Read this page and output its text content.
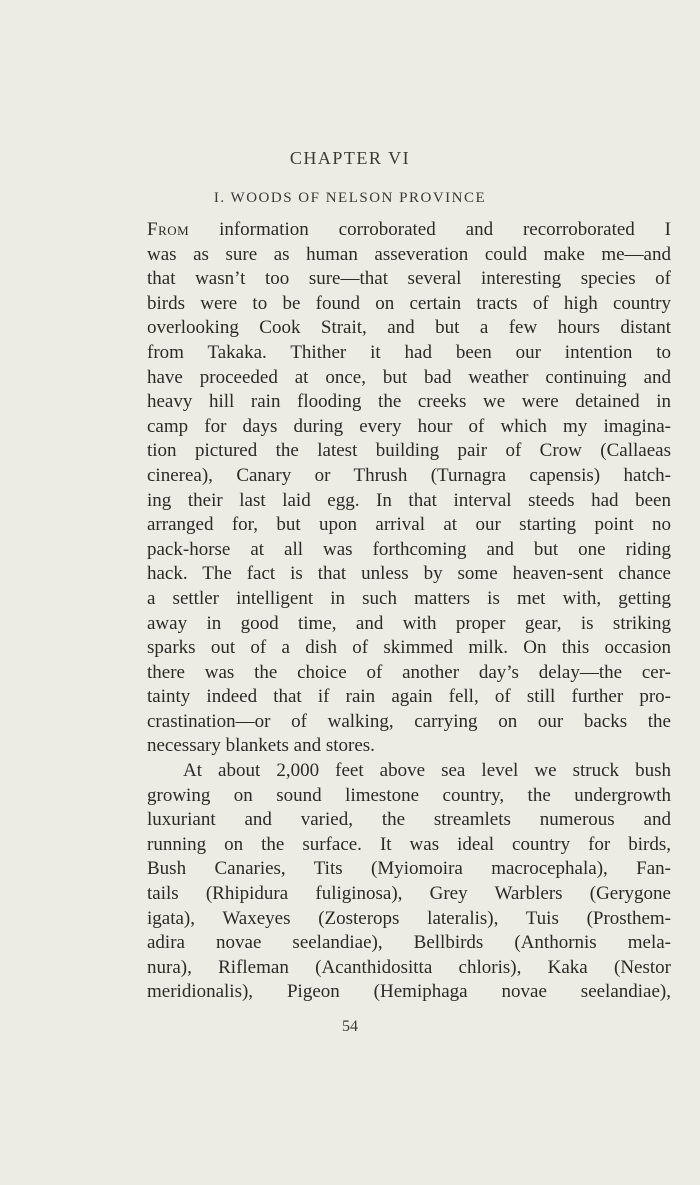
CHAPTER VI
I. WOODS OF NELSON PROVINCE
From information corroborated and recorroborated I
was as sure as human asseveration could make me—and
that wasn’t too sure—that several interesting species of
birds were to be found on certain tracts of high country
overlooking Cook Strait, and but a few hours distant
from Takaka. Thither it had been our intention to
have proceeded at once, but bad weather continuing and
heavy hill rain flooding the creeks we were detained in
camp for days during every hour of which my imagina-
tion pictured the latest building pair of Crow (Callaeas
cinerea), Canary or Thrush (Turnagra capensis) hatch-
ing their last laid egg. In that interval steeds had been
arranged for, but upon arrival at our starting point no
pack-horse at all was forthcoming and but one riding
hack. The fact is that unless by some heaven-sent chance
a settler intelligent in such matters is met with, getting
away in good time, and with proper gear, is striking
sparks out of a dish of skimmed milk. On this occasion
there was the choice of another day’s delay—the cer-
tainty indeed that if rain again fell, of still further pro-
crastination—or of walking, carrying on our backs the
necessary blankets and stores.
At about 2,000 feet above sea level we struck bush
growing on sound limestone country, the undergrowth
luxuriant and varied, the streamlets numerous and
running on the surface. It was ideal country for birds,
Bush Canaries, Tits (Myiomoira macrocephala), Fan-
tails (Rhipidura fuliginosa), Grey Warblers (Gerygone
igata), Waxeyes (Zosterops lateralis), Tuis (Prosthem-
adira novae seelandiae), Bellbirds (Anthornis mela-
nura), Rifleman (Acanthidositta chloris), Kaka (Nestor
meridionalis), Pigeon (Hemiphaga novae seelandiae),
54
